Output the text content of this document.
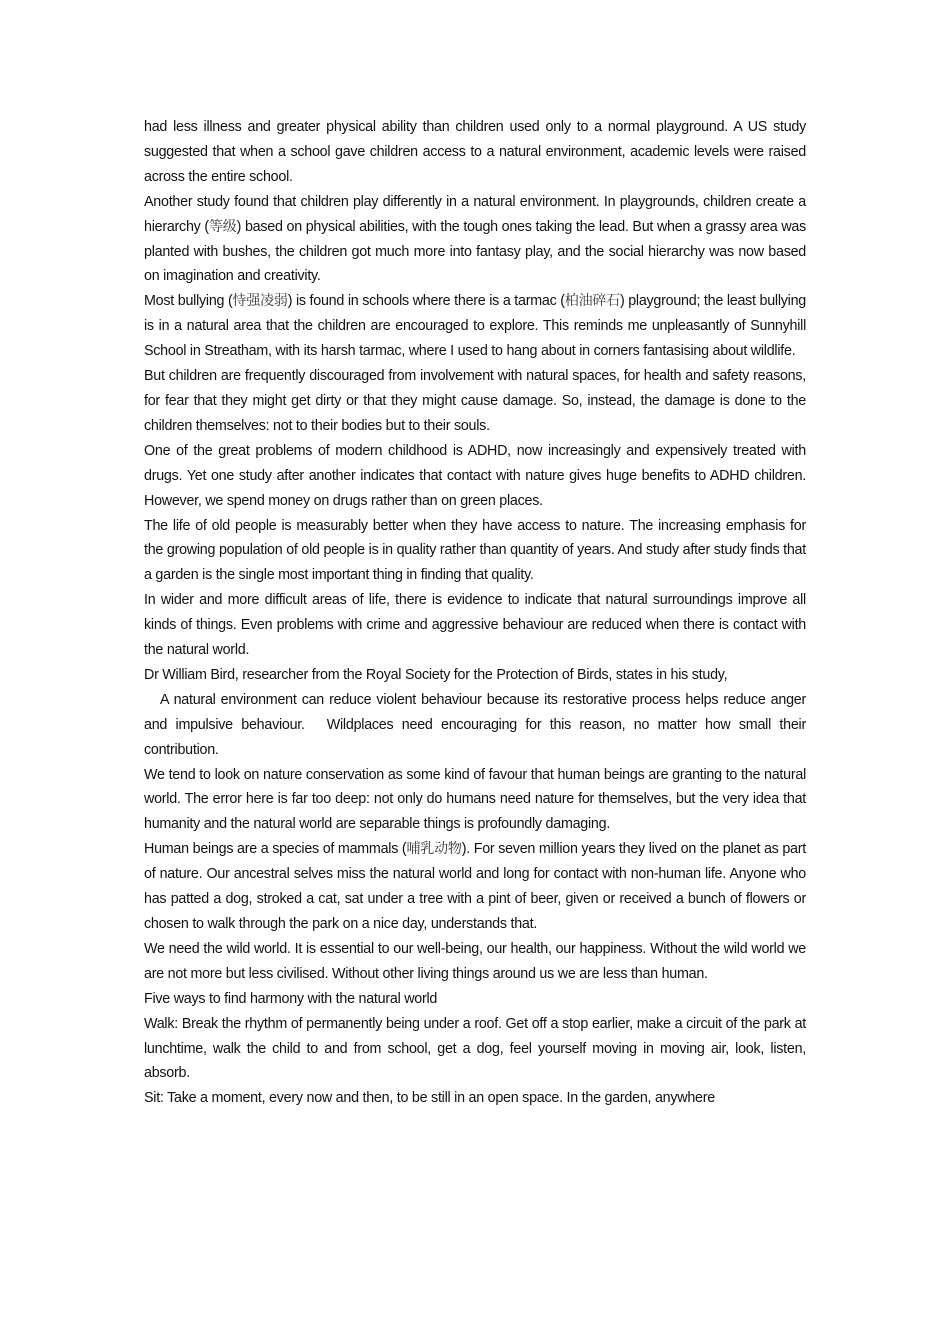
had less illness and greater physical ability than children used only to a normal playground. A US study suggested that when a school gave children access to a natural environment, academic levels were raised across the entire school.

Another study found that children play differently in a natural environment. In playgrounds, children create a hierarchy (等级) based on physical abilities, with the tough ones taking the lead. But when a grassy area was planted with bushes, the children got much more into fantasy play, and the social hierarchy was now based on imagination and creativity.

Most bullying (恃强凌弱) is found in schools where there is a tarmac (柏油碎石) playground; the least bullying is in a natural area that the children are encouraged to explore. This reminds me unpleasantly of Sunnyhill School in Streatham, with its harsh tarmac, where I used to hang about in corners fantasising about wildlife.

But children are frequently discouraged from involvement with natural spaces, for health and safety reasons, for fear that they might get dirty or that they might cause damage. So, instead, the damage is done to the children themselves: not to their bodies but to their souls.

One of the great problems of modern childhood is ADHD, now increasingly and expensively treated with drugs. Yet one study after another indicates that contact with nature gives huge benefits to ADHD children. However, we spend money on drugs rather than on green places.

The life of old people is measurably better when they have access to nature. The increasing emphasis for the growing population of old people is in quality rather than quantity of years. And study after study finds that a garden is the single most important thing in finding that quality.

In wider and more difficult areas of life, there is evidence to indicate that natural surroundings improve all kinds of things. Even problems with crime and aggressive behaviour are reduced when there is contact with the natural world.

Dr William Bird, researcher from the Royal Society for the Protection of Birds, states in his study,

A natural environment can reduce violent behaviour because its restorative process helps reduce anger and impulsive behaviour. Wildplaces need encouraging for this reason, no matter how small their contribution.

We tend to look on nature conservation as some kind of favour that human beings are granting to the natural world. The error here is far too deep: not only do humans need nature for themselves, but the very idea that humanity and the natural world are separable things is profoundly damaging.

Human beings are a species of mammals (哺乳动物). For seven million years they lived on the planet as part of nature. Our ancestral selves miss the natural world and long for contact with non-human life. Anyone who has patted a dog, stroked a cat, sat under a tree with a pint of beer, given or received a bunch of flowers or chosen to walk through the park on a nice day, understands that.

We need the wild world. It is essential to our well-being, our health, our happiness. Without the wild world we are not more but less civilised. Without other living things around us we are less than human.

Five ways to find harmony with the natural world

Walk: Break the rhythm of permanently being under a roof. Get off a stop earlier, make a circuit of the park at lunchtime, walk the child to and from school, get a dog, feel yourself moving in moving air, look, listen, absorb.

Sit: Take a moment, every now and then, to be still in an open space. In the garden, anywhere
